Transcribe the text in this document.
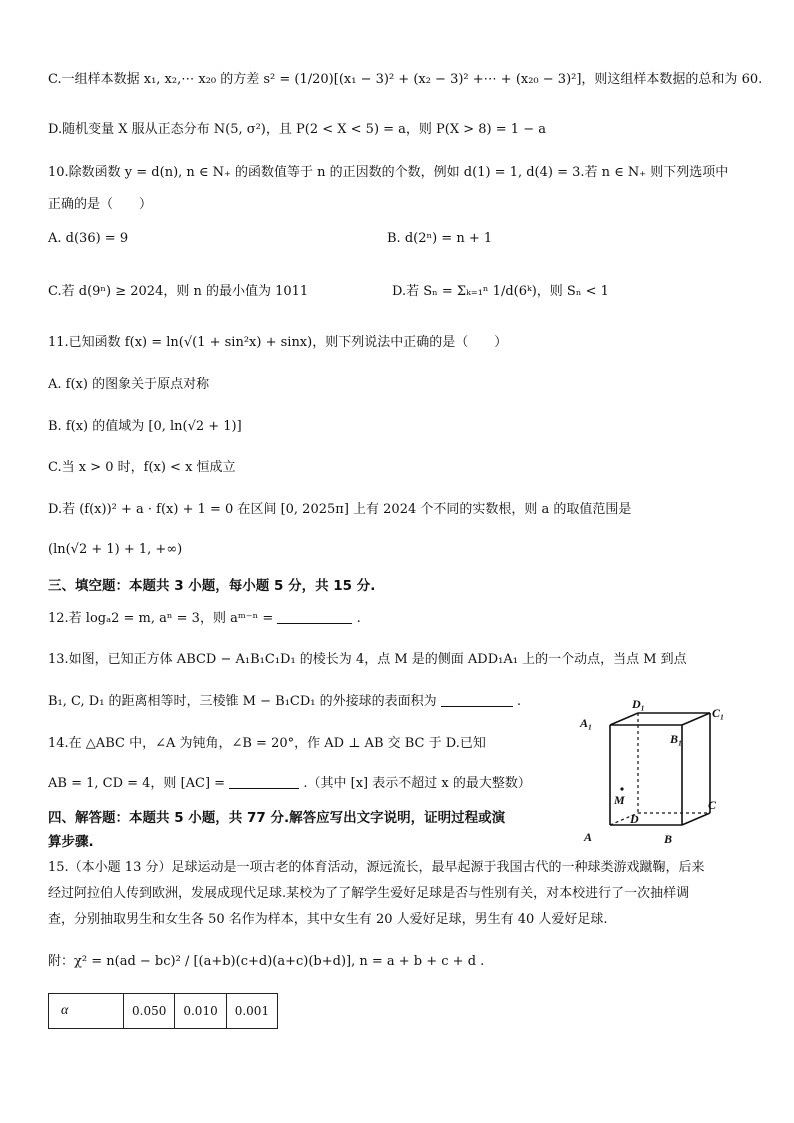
C.一组样本数据 x₁, x₂,⋯ x₂₀ 的方差 s² = (1/20)[(x₁ − 3)² + (x₂ − 3)² +⋯ + (x₂₀ − 3)²]，则这组样本数据的总和为 60.
D.随机变量 X 服从正态分布 N(5, σ²)，且 P(2 < X < 5) = a，则 P(X > 8) = 1 − a
10.除数函数 y = d(n), n ∈ N₊ 的函数值等于 n 的正因数的个数，例如 d(1) = 1, d(4) = 3.若 n ∈ N₊ 则下列选项中
正确的是（　　）
A. d(36) = 9	B. d(2ⁿ) = n + 1
C.若 d(9ⁿ) ≥ 2024，则 n 的最小值为 1011	D.若 Sₙ = Σₖ₌₁ⁿ 1/d(6ᵏ)，则 Sₙ < 1
11.已知函数 f(x) = ln(√(1 + sin²x) + sinx)，则下列说法中正确的是（　　）
A. f(x) 的图象关于原点对称
B. f(x) 的值域为 [0, ln(√2 + 1)]
C.当 x > 0 时，f(x) < x 恒成立
D.若 (f(x))² + a · f(x) + 1 = 0 在区间 [0, 2025π] 上有 2024 个不同的实数根，则 a 的取值范围是
(ln(√2 + 1) + 1, +∞)
三、填空题：本题共 3 小题，每小题 5 分，共 15 分.
12.若 logₐ2 = m, aⁿ = 3，则 aᵐ⁻ⁿ =	.
13.如图，已知正方体 ABCD − A₁B₁C₁D₁ 的棱长为 4，点 M 是的侧面 ADD₁A₁ 上的一个动点，当点 M 到点
B₁, C, D₁ 的距离相等时，三棱锥 M − B₁CD₁ 的外接球的表面积为	.
14.在 △ABC 中，∠A 为钝角，∠B = 20°，作 AD ⊥ AB 交 BC 于 D.已知
AB = 1, CD = 4，则 [AC] =	.（其中 [x] 表示不超过 x 的最大整数）
四、解答题：本题共 5 小题，共 77 分.解答应写出文字说明，证明过程或演
算步骤.
15.（本小题 13 分）足球运动是一项古老的体育活动，源远流长，最早起源于我国古代的一种球类游戏蹴鞠，后来
经过阿拉伯人传到欧洲，发展成现代足球.某校为了了解学生爱好足球是否与性别有关，对本校进行了一次抽样调
查，分别抽取男生和女生各 50 名作为样本，其中女生有 20 人爱好足球，男生有 40 人爱好足球.
附：χ² = n(ad − bc)² / [(a+b)(c+d)(a+c)(b+d)], n = a + b + c + d .
α	0.050	0.010	0.001
D₁
C₁
A₁
B₁
M
D
C
A	B
